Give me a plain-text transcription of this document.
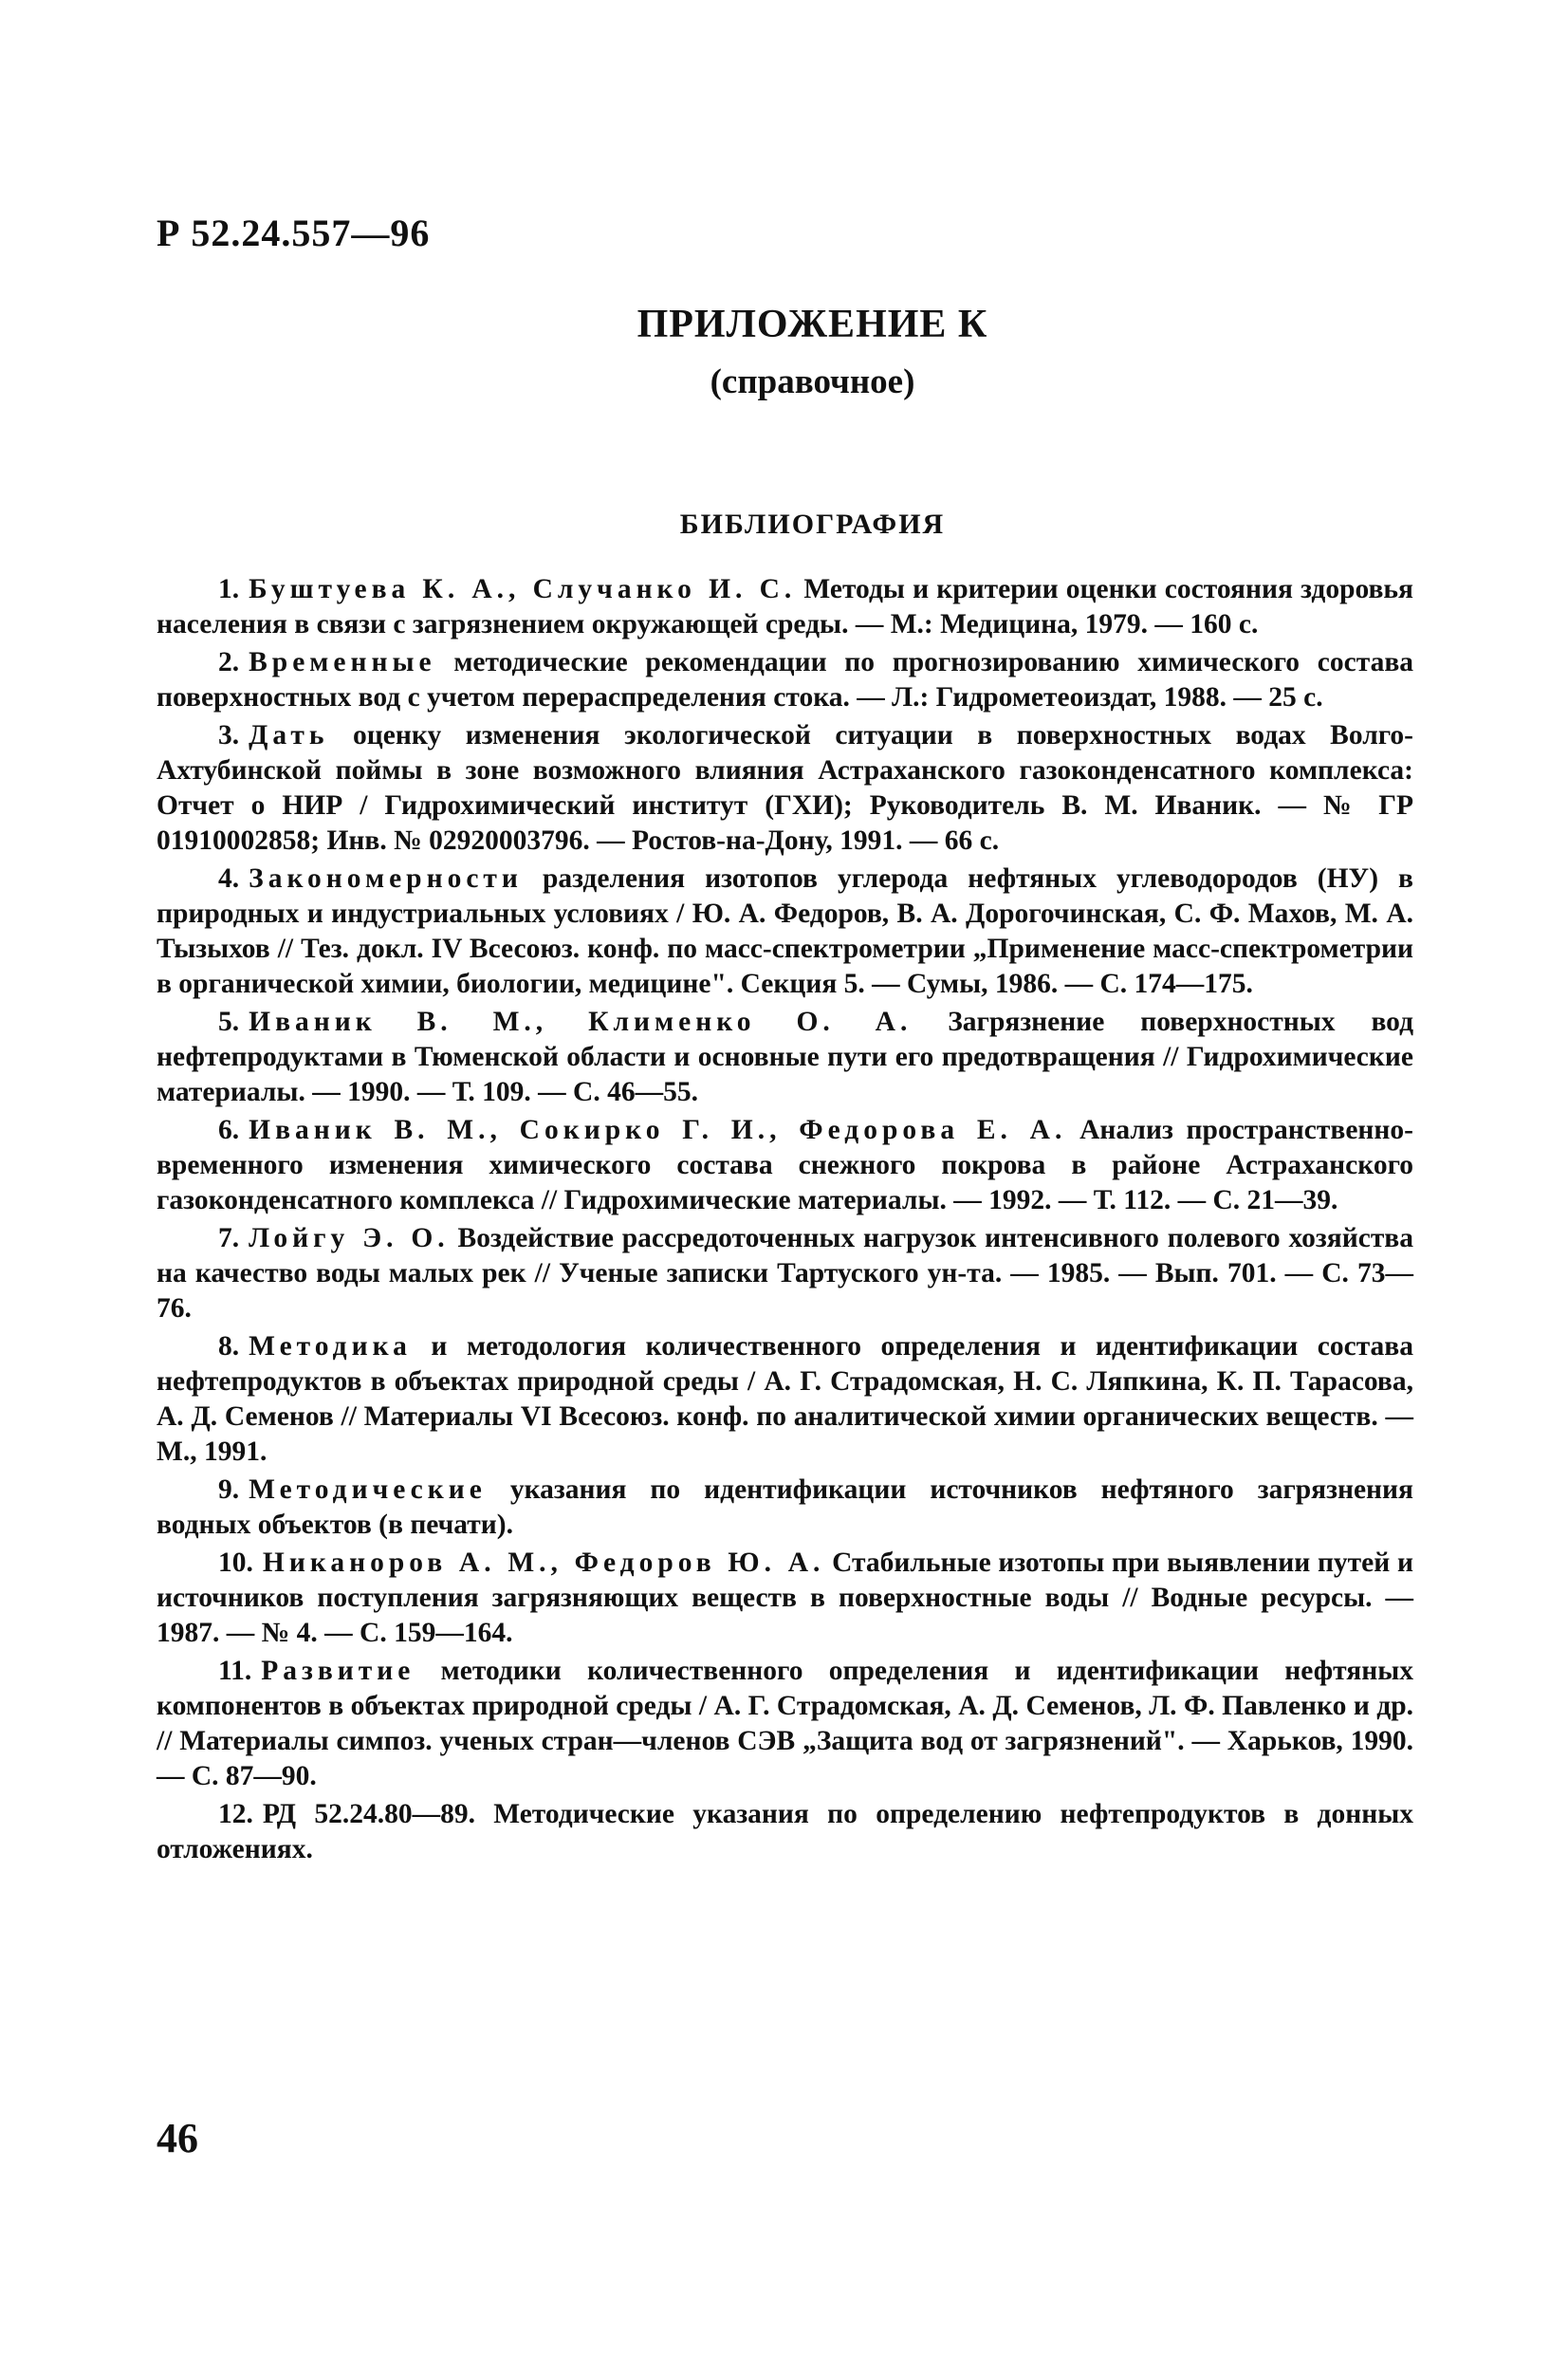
Р 52.24.557—96

ПРИЛОЖЕНИЕ К
(справочное)
БИБЛИОГРАФИЯ
1. Буштуева К. А., Случанко И. С. Методы и критерии оценки состояния здоровья населения в связи с загрязнением окружающей среды. — М.: Медицина, 1979. — 160 с.
2. Временные методические рекомендации по прогнозированию химического состава поверхностных вод с учетом перераспределения стока. — Л.: Гидрометеоиздат, 1988. — 25 с.
3. Дать оценку изменения экологической ситуации в поверхностных водах Волго-Ахтубинской поймы в зоне возможного влияния Астраханского газоконденсатного комплекса: Отчет о НИР / Гидрохимический институт (ГХИ); Руководитель В. М. Иваник. — № ГР 01910002858; Инв. № 02920003796. — Ростов-на-Дону, 1991. — 66 с.
4. Закономерности разделения изотопов углерода нефтяных углеводородов (НУ) в природных и индустриальных условиях / Ю. А. Федоров, В. А. Дорогочинская, С. Ф. Махов, М. А. Тызыхов // Тез. докл. IV Всесоюз. конф. по масс-спектрометрии „Применение масс-спектрометрии в органической химии, биологии, медицине". Секция 5. — Сумы, 1986. — С. 174—175.
5. Иваник В. М., Клименко О. А. Загрязнение поверхностных вод нефтепродуктами в Тюменской области и основные пути его предотвращения // Гидрохимические материалы. — 1990. — Т. 109. — С. 46—55.
6. Иваник В. М., Сокирко Г. И., Федорова Е. А. Анализ пространственно-временного изменения химического состава снежного покрова в районе Астраханского газоконденсатного комплекса // Гидрохимические материалы. — 1992. — Т. 112. — С. 21—39.
7. Лойгу Э. О. Воздействие рассредоточенных нагрузок интенсивного полевого хозяйства на качество воды малых рек // Ученые записки Тартуского ун-та. — 1985. — Вып. 701. — С. 73—76.
8. Методика и методология количественного определения и идентификации состава нефтепродуктов в объектах природной среды / А. Г. Страдомская, Н. С. Ляпкина, К. П. Тарасова, А. Д. Семенов // Материалы VI Всесоюз. конф. по аналитической химии органических веществ. — М., 1991.
9. Методические указания по идентификации источников нефтяного загрязнения водных объектов (в печати).
10. Никаноров А. М., Федоров Ю. А. Стабильные изотопы при выявлении путей и источников поступления загрязняющих веществ в поверхностные воды // Водные ресурсы. — 1987. — № 4. — С. 159—164.
11. Развитие методики количественного определения и идентификации нефтяных компонентов в объектах природной среды / А. Г. Страдомская, А. Д. Семенов, Л. Ф. Павленко и др. // Материалы симпоз. ученых стран—членов СЭВ „Защита вод от загрязнений". — Харьков, 1990. — С. 87—90.
12. РД 52.24.80—89. Методические указания по определению нефтепродуктов в донных отложениях.

46
